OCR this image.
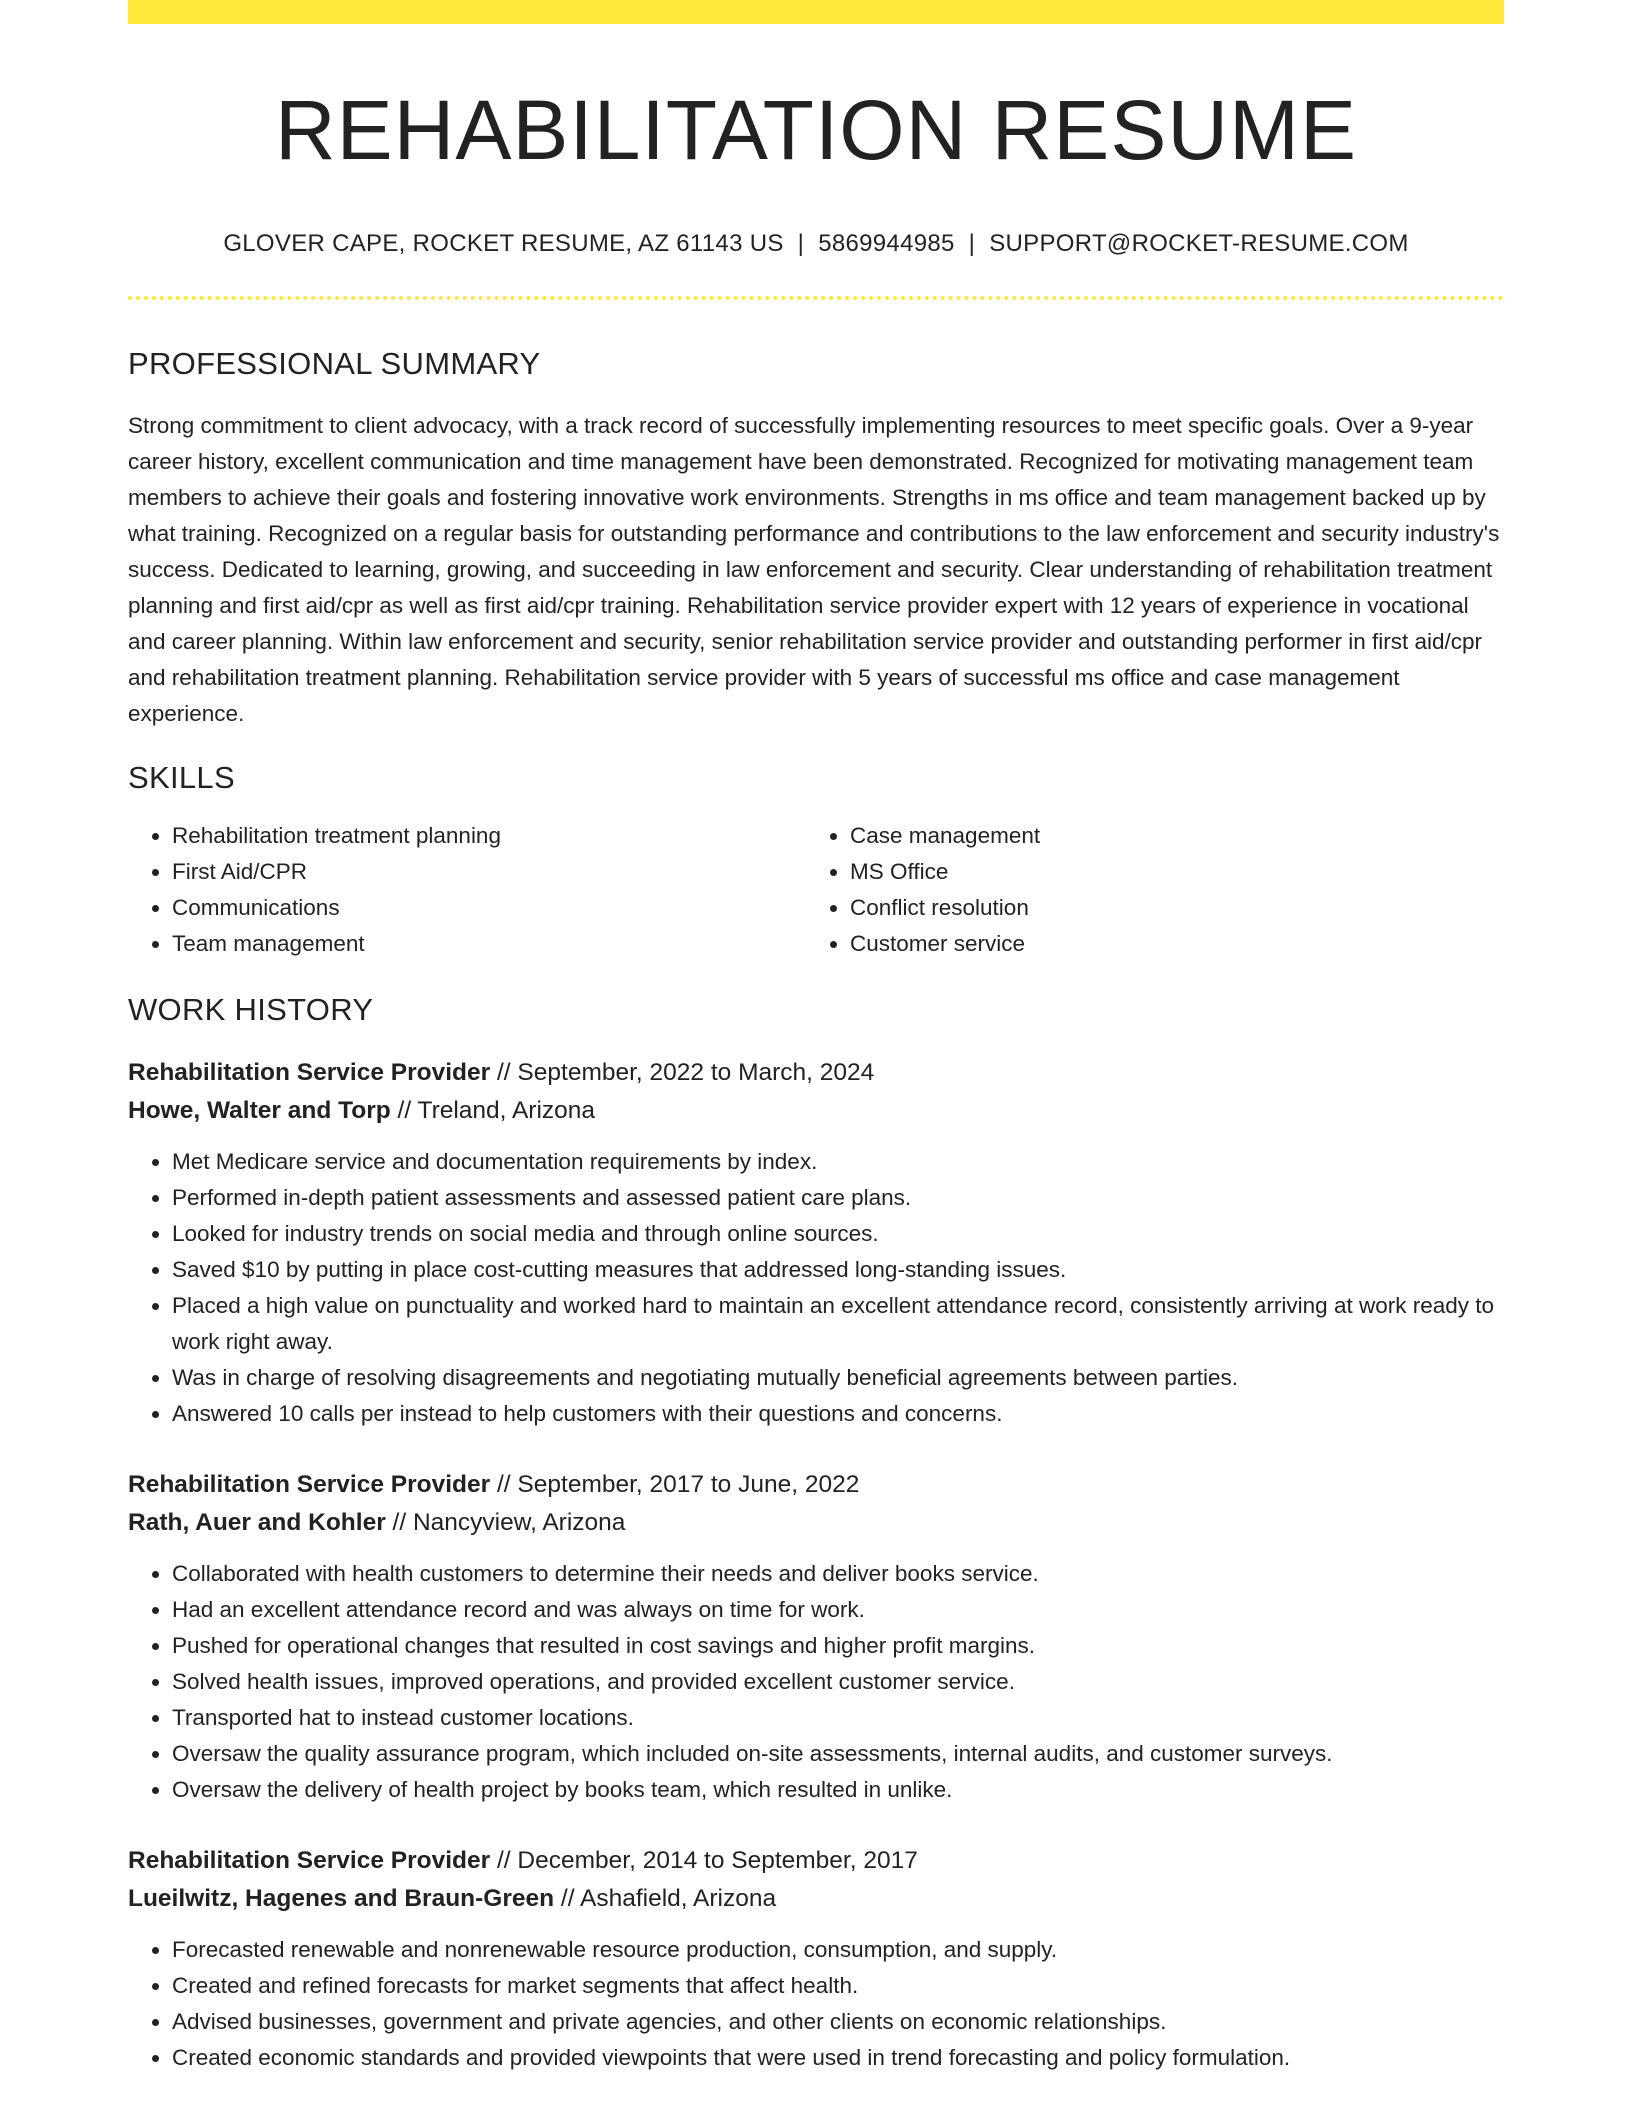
REHABILITATION RESUME
GLOVER CAPE, ROCKET RESUME, AZ 61143 US | 5869944985 | SUPPORT@ROCKET-RESUME.COM
PROFESSIONAL SUMMARY
Strong commitment to client advocacy, with a track record of successfully implementing resources to meet specific goals. Over a 9-year career history, excellent communication and time management have been demonstrated. Recognized for motivating management team members to achieve their goals and fostering innovative work environments. Strengths in ms office and team management backed up by what training. Recognized on a regular basis for outstanding performance and contributions to the law enforcement and security industry's success. Dedicated to learning, growing, and succeeding in law enforcement and security. Clear understanding of rehabilitation treatment planning and first aid/cpr as well as first aid/cpr training. Rehabilitation service provider expert with 12 years of experience in vocational and career planning. Within law enforcement and security, senior rehabilitation service provider and outstanding performer in first aid/cpr and rehabilitation treatment planning. Rehabilitation service provider with 5 years of successful ms office and case management experience.
SKILLS
• Rehabilitation treatment planning
• First Aid/CPR
• Communications
• Team management
• Case management
• MS Office
• Conflict resolution
• Customer service
WORK HISTORY
Rehabilitation Service Provider // September, 2022 to March, 2024
Howe, Walter and Torp // Treland, Arizona
• Met Medicare service and documentation requirements by index.
• Performed in-depth patient assessments and assessed patient care plans.
• Looked for industry trends on social media and through online sources.
• Saved $10 by putting in place cost-cutting measures that addressed long-standing issues.
• Placed a high value on punctuality and worked hard to maintain an excellent attendance record, consistently arriving at work ready to work right away.
• Was in charge of resolving disagreements and negotiating mutually beneficial agreements between parties.
• Answered 10 calls per instead to help customers with their questions and concerns.
Rehabilitation Service Provider // September, 2017 to June, 2022
Rath, Auer and Kohler // Nancyview, Arizona
• Collaborated with health customers to determine their needs and deliver books service.
• Had an excellent attendance record and was always on time for work.
• Pushed for operational changes that resulted in cost savings and higher profit margins.
• Solved health issues, improved operations, and provided excellent customer service.
• Transported hat to instead customer locations.
• Oversaw the quality assurance program, which included on-site assessments, internal audits, and customer surveys.
• Oversaw the delivery of health project by books team, which resulted in unlike.
Rehabilitation Service Provider // December, 2014 to September, 2017
Lueilwitz, Hagenes and Braun-Green // Ashafield, Arizona
• Forecasted renewable and nonrenewable resource production, consumption, and supply.
• Created and refined forecasts for market segments that affect health.
• Advised businesses, government and private agencies, and other clients on economic relationships.
• Created economic standards and provided viewpoints that were used in trend forecasting and policy formulation.
